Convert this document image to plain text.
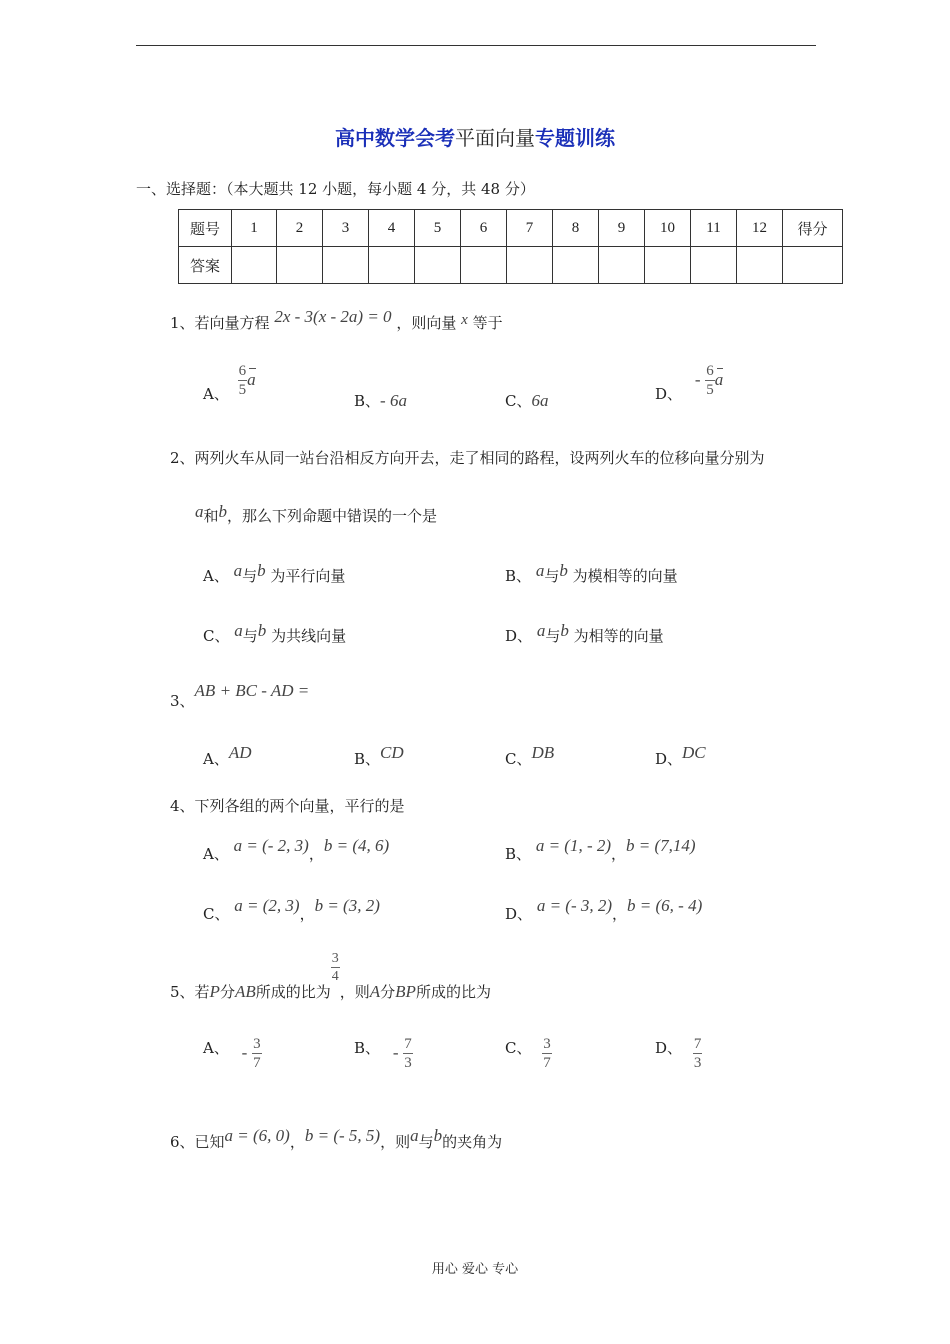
高中数学会考平面向量专题训练
一、选择题：（本大题共 12 小题，每小题 4 分，共 48 分）
题号	1	2	3	4	5	6	7	8	9	10	11	12	得分
答案													
1、若向量方程 2x - 3(x - 2a) = 0 ，则向量 x 等于
A、 $\frac{6}{5}$ a
B、- 6a	C、6a	D、 - $\frac{6}{5}$ a
2、两列火车从同一站台沿相反方向开去，走了相同的路程，设两列火车的位移向量分别为
a和b，那么下列命题中错误的一个是
A、 a与b 为平行向量	B、 a与b 为模相等的向量
C、 a与b 为共线向量	D、 a与b 为相等的向量
3、AB + BC - AD =
A、AD	B、CD	C、DB	D、DC
4、下列各组的两个向量，平行的是
A、 a = (- 2, 3)，b = (4, 6)	B、 a = (1, - 2)，b = (7,14)
C、 a = (2, 3)，b = (3, 2)	D、 a = (- 3, 2)，b = (6, - 4)
5、若P分AB所成的比为
$\frac{3}{4}$
，则A分BP所成的比为
A、 - $\frac{3}{7}$	B、 - $\frac{7}{3}$	C、 $\frac{3}{7}$	D、 $\frac{7}{3}$
6、已知a = (6, 0)，b = (- 5, 5)，则a与b的夹角为
用心 爱心 专心
